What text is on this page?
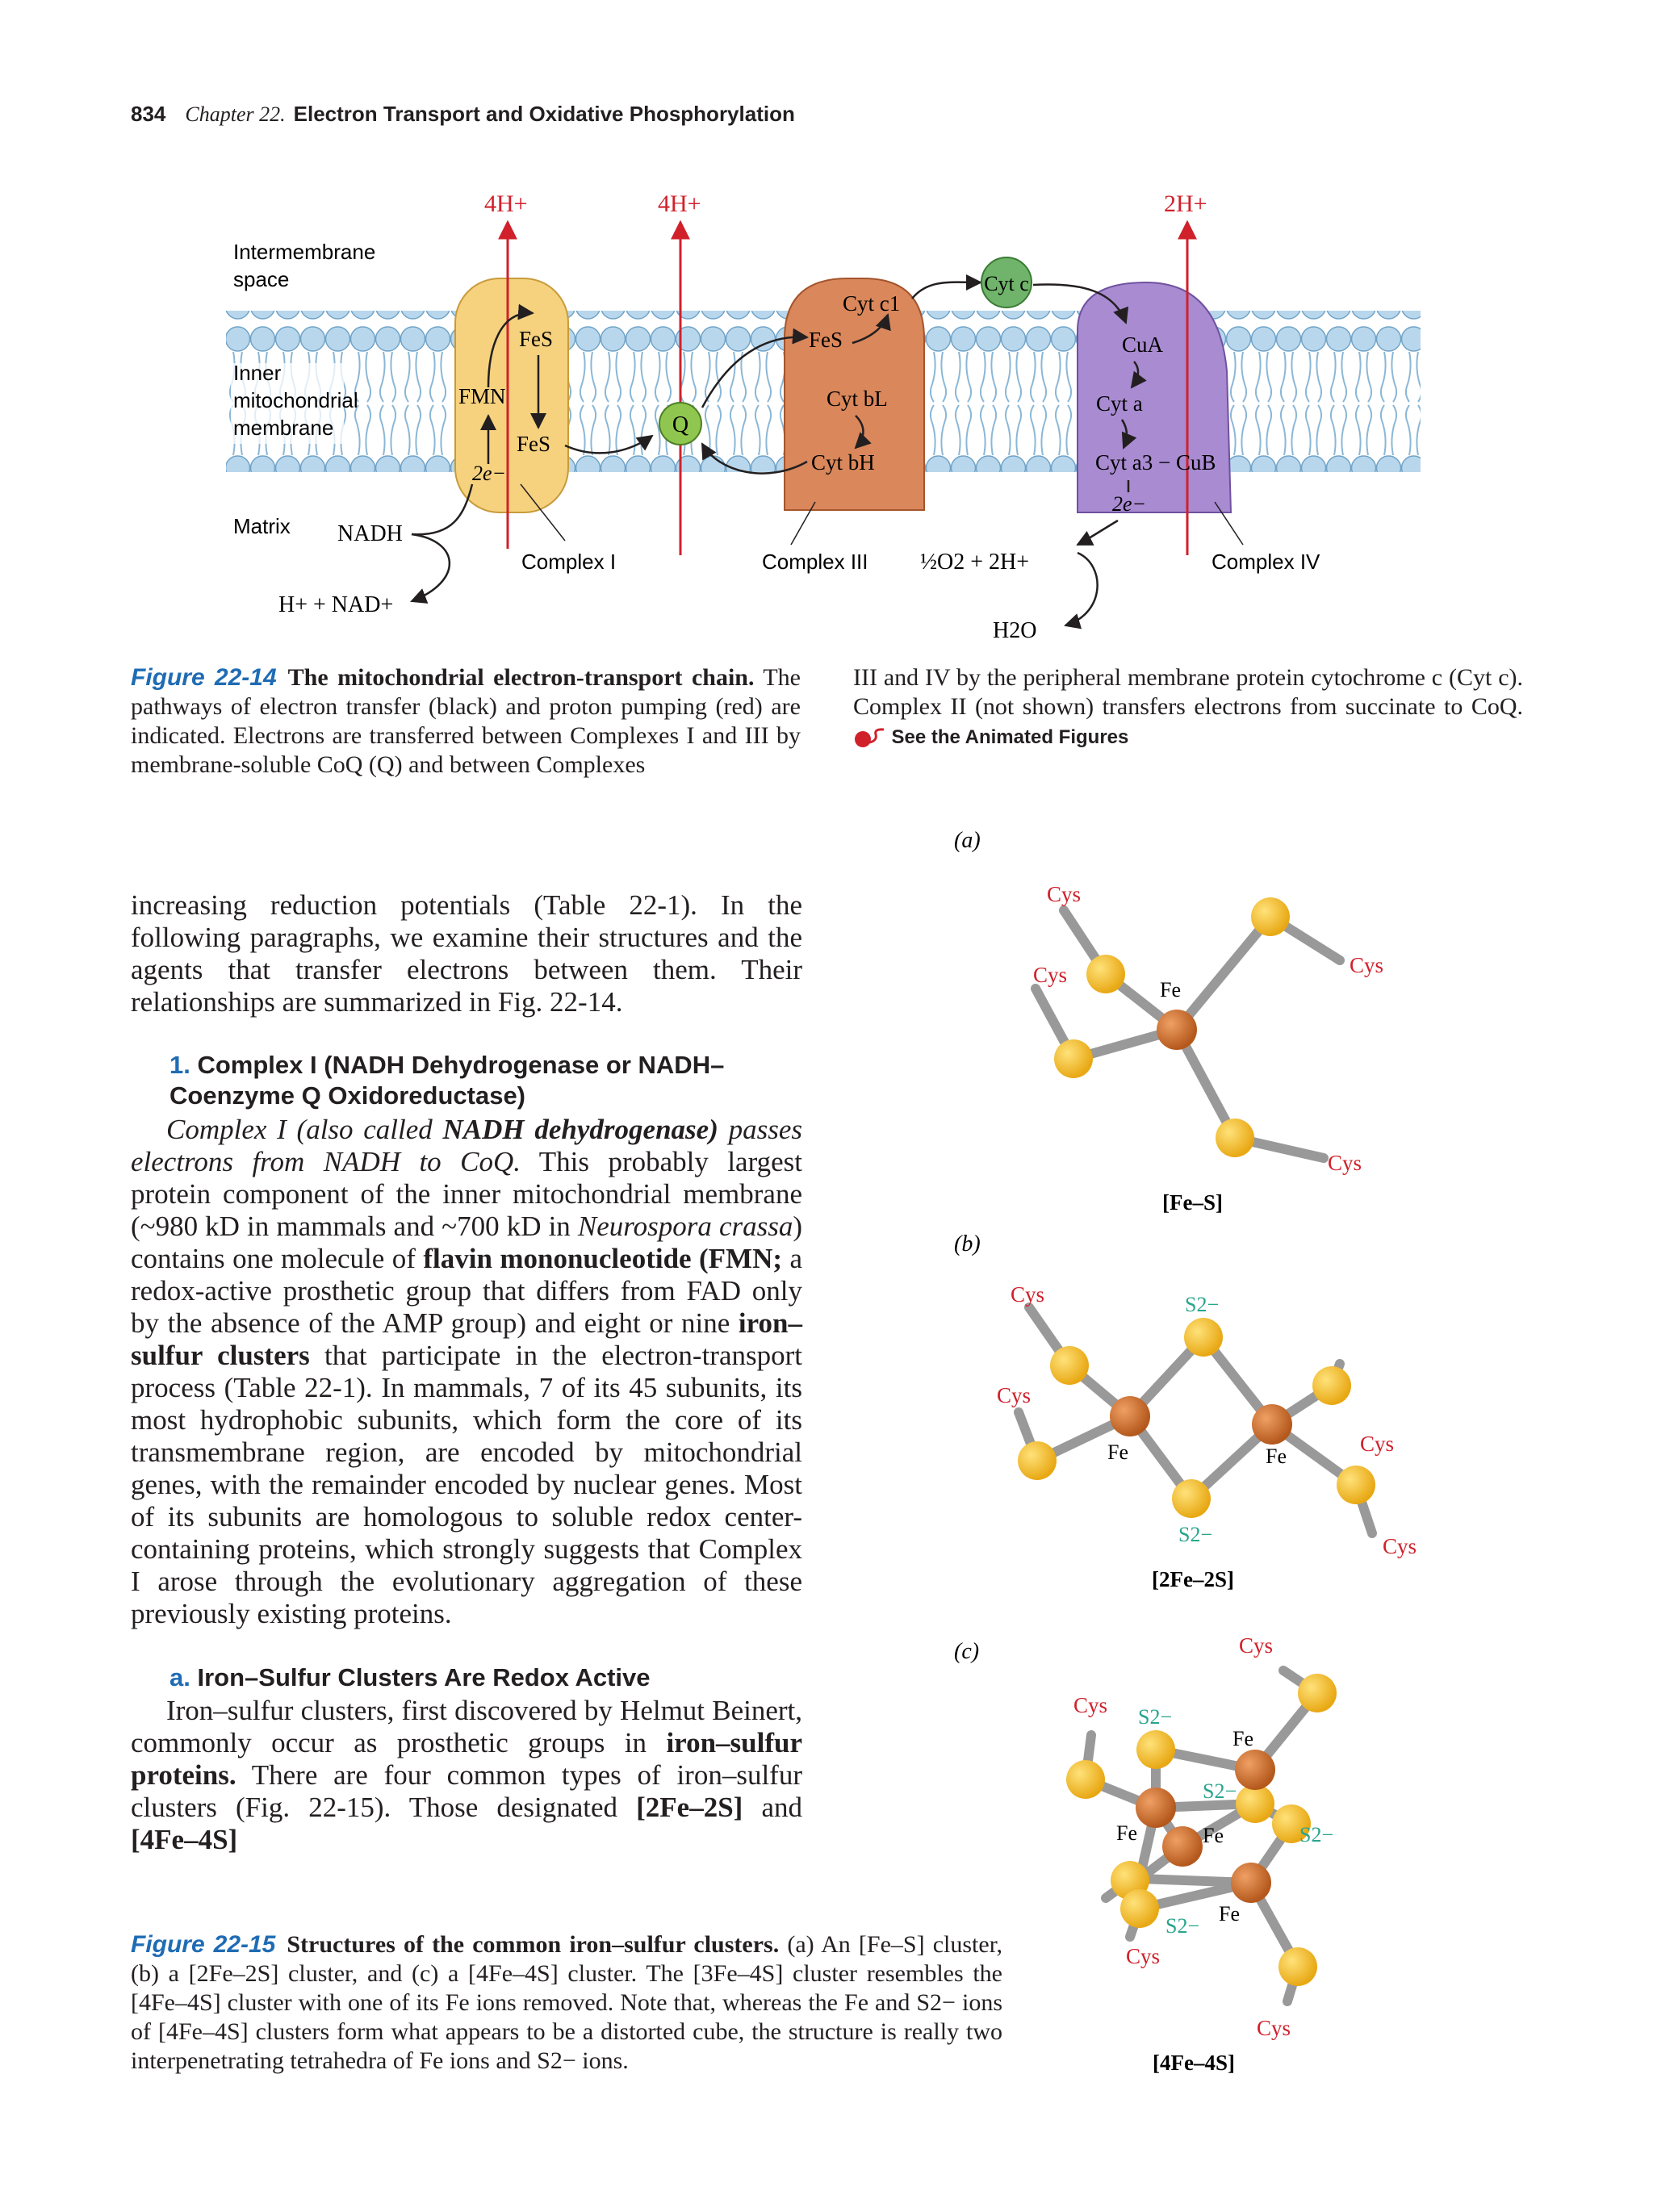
834 Chapter 22. Electron Transport and Oxidative Phosphorylation
Intermembrane
space
Inner
mitochondrial
membrane
Matrix
4H+	4H+	2H+
FeS
FMN
FeS
2e−
Q
Cyt c1
FeS
Cyt bL
Cyt bH
Cyt c
CuA
Cyt a
Cyt a3 − CuB
2e−
NADH
H+ + NAD+
½O2 + 2H+
H2O
Complex I	Complex III	Complex IV
Figure 22-14 The mitochondrial electron-transport chain. The pathways of electron transfer (black) and proton pumping (red) are indicated. Electrons are transferred between Complexes I and III by membrane-soluble CoQ (Q) and between Complexes
III and IV by the peripheral membrane protein cytochrome c (Cyt c). Complex II (not shown) transfers electrons from succinate to CoQ.  See the Animated Figures

increasing reduction potentials (Table 22-1). In the following paragraphs, we examine their structures and the agents that transfer electrons between them. Their relationships are summarized in Fig. 22-14.

1. Complex I (NADH Dehydrogenase or NADH–Coenzyme Q Oxidoreductase)

Complex I (also called NADH dehydrogenase) passes electrons from NADH to CoQ. This probably largest protein component of the inner mitochondrial membrane (~980 kD in mammals and ~700 kD in Neurospora crassa) contains one molecule of flavin mononucleotide (FMN; a redox-active prosthetic group that differs from FAD only by the absence of the AMP group) and eight or nine iron–sulfur clusters that participate in the electron-transport process (Table 22-1). In mammals, 7 of its 45 subunits, its most hydrophobic subunits, which form the core of its transmembrane region, are encoded by mitochondrial genes, with the remainder encoded by nuclear genes. Most of its subunits are homologous to soluble redox center-containing proteins, which strongly suggests that Complex I arose through the evolutionary aggregation of these previously existing proteins.

a. Iron–Sulfur Clusters Are Redox Active

Iron–sulfur clusters, first discovered by Helmut Beinert, commonly occur as prosthetic groups in iron–sulfur proteins. There are four common types of iron–sulfur clusters (Fig. 22-15). Those designated [2Fe–2S] and [4Fe–4S]

(a)
(b)
(c)
Cys
Cys	Cys
Cys
Fe
[Fe–S]
Cys
Cys
Cys
Cys
S2−
S2−
Fe	Fe
[2Fe–2S]
Cys
Cys
Cys
Cys
S2−
S2−
S2−
S2−
Fe
Fe	Fe
Fe
[4Fe–4S]
Figure 22-15 Structures of the common iron–sulfur clusters. (a) An [Fe–S] cluster, (b) a [2Fe–2S] cluster, and (c) a [4Fe–4S] cluster. The [3Fe–4S] cluster resembles the [4Fe–4S] cluster with one of its Fe ions removed. Note that, whereas the Fe and S2− ions of [4Fe–4S] clusters form what appears to be a distorted cube, the structure is really two interpenetrating tetrahedra of Fe ions and S2− ions.
